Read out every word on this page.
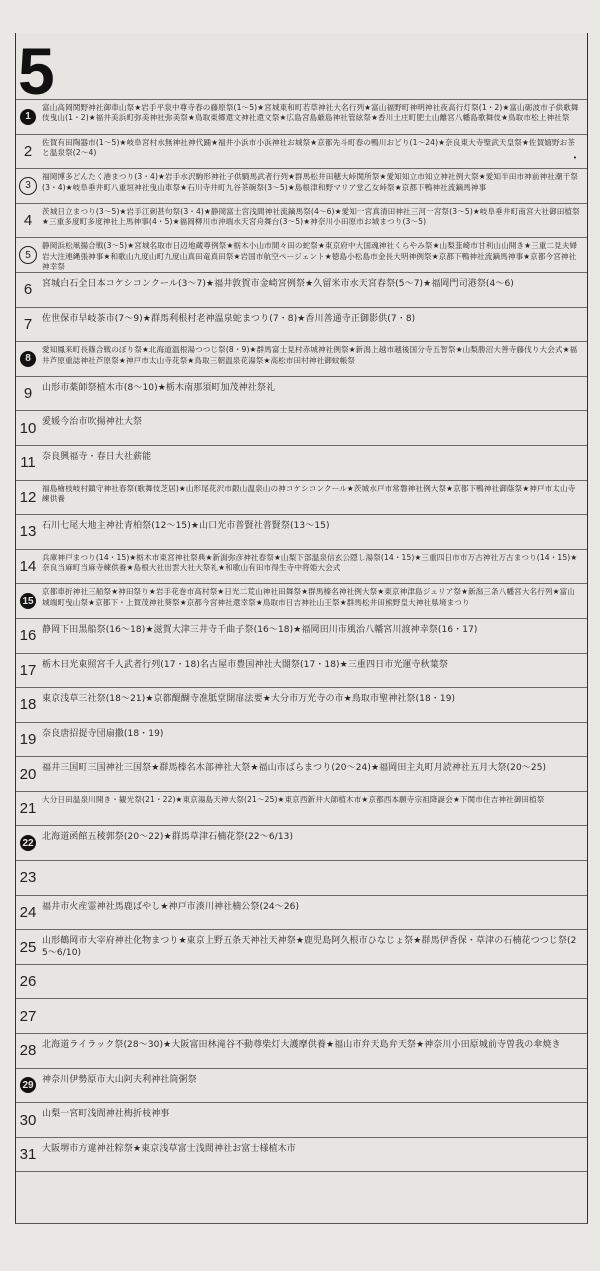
5
1
富山高岡関野神社御車山祭★岩手平泉中尊寺春の藤原祭(1〜5)★宮城東和町若草神社大名行列★富山福野町神明神社夜高行灯祭(1・2)★富山砺波市子供歌舞伎曳山(1・2)★福井美浜町弥美神社弥美祭★鳥取東郷還文神社還文祭★広島宮島厳島神社管絃祭★香川土庄町肥土山離宮八幡島歌舞伎★鳥取市松上神社祭
2
佐賀有田陶器市(1〜5)★岐阜宮村水無神社神代踊★福井小浜市小浜神社お城祭★京都先斗町春の鴨川おどり(1〜24)★奈良東大寺聖武天皇祭★佐賀嬉野お茶と温泉祭(2〜4)
•
3
福岡博多どんたく港まつり(3・4)★岩手水沢駒形神社子供騎馬武者行列★群馬松井田穂大峠関所祭★愛知知立市知立神社例大祭★愛知半田市神前神社潮干祭(3・4)★岐阜垂井町八重垣神社曳山車祭★石川寺井町九谷茶碗祭(3〜5)★島根津和野マリア堂乙女峠祭★京都下鴨神社流鏑馬神事
4
茨城日立まつり(3〜5)★岩手江刺甚句祭(3・4)★静岡富士宮浅間神社流鏑馬祭(4〜6)★愛知一宮真清田神社三河一宮祭(3〜5)★岐阜垂井町南宮大社御田植祭★三重多度町多度神社上馬神事(4・5)★福岡柳川市沖端水天宮舟舞台(3〜5)★神奈川小田原市お城まつり(3〜5)
5
静岡浜松凧揚合戦(3〜5)★宮城名取市日辺地蔵尊例祭★栃木小山市間々田の蛇祭★東京府中大国魂神社くらやみ祭★山梨韮崎市甘利山山開き★三重二見夫婦岩大注連縄張神事★和歌山九度山町九度山真田竜真田祭★岩国市航空ページェント★徳島小松島市金長大明神例祭★京都下鴨神社流鏑馬神事★京都今宮神社神幸祭
6 宮城白石全日本コケシコンクール(3〜7)★福井敦賀市金崎宮例祭★久留米市水天宮春祭(5〜7)★福岡門司港祭(4〜6)
7 佐世保市早岐茶市(7〜9)★群馬利根村老神温泉蛇まつり(7・8)★香川善通寺正御影供(7・8)
8
愛知鳳来町長篠合戦のぼり祭★北海道温根湯つつじ祭(8・9)★群馬富士見村赤城神社例祭★新潟上越市越後国分寺五智祭★山梨勝沼大善寺藤伐り大会式★福井芦原重誌神社芦原祭★神戸市太山寺花祭★鳥取三朝温泉花湯祭★高松市田村神社御蚊帳祭
9 山形市薬師祭植木市(8〜10)★栃木南那須町加茂神社祭礼
10 愛媛今治市吹揚神社大祭
11 奈良興福寺・春日大社薪能
12
福島檜枝岐村鎮守神社春祭(歌舞伎芝居)★山形尾花沢市銀山温泉山の神コケシコンクール★茨城水戸市常磐神社例大祭★京都下鴨神社御蔭祭★神戸市太山寺練供養
13 石川七尾大地主神社青柏祭(12〜15)★山口光市普賢社普賢祭(13〜15)
14
兵庫神戸まつり(14・15)★栃木市東宮神社祭典★新潟弥彦神社春祭★山梨下部温泉信玄公隠し湯祭(14・15)★三重四日市市万古神社万古まつり(14・15)★奈良当麻町当麻寺練供養★島根大社出雲大社大祭礼★和歌山有田市得生寺中将姫大会式
15
京都車折神社三船祭★神田祭り★岩手花巻市高村祭★日光二荒山神社田舞祭★群馬榛名神社例大祭★東京神津島ジュリア祭★新潟三条八幡宮大名行列★富山城端町曳山祭★京都下・上賀茂神社葵祭★京都今宮神社還幸祭★鳥取市日吉神社山王祭★群馬松井田熊野皇大神社県境まつり
16 静岡下田黒船祭(16〜18)★滋賀大津三井寺千曲子祭(16〜18)★福岡田川市風治八幡宮川渡神幸祭(16・17)
17 栃木日光東照宮千人武者行列(17・18)名古屋市豊国神社大閤祭(17・18)★三重四日市光運寺秋葉祭
18 東京浅草三社祭(18〜21)★京都醍醐寺准胝堂開扉法要★大分市万光寺の市★鳥取市聖神社祭(18・19)
19 奈良唐招提寺団扇撒(18・19)
20 福井三国町三国神社三国祭★群馬榛名木部神社大祭★福山市ばらまつり(20〜24)★福岡田主丸町月読神社五月大祭(20〜25)
21
大分日田温泉川開き・観光祭(21・22)★東京湯島天神大祭(21〜25)★東京西新井大師植木市★京都西本願寺宗祖降誕会★下関市住吉神社御田植祭
22
北海道函館五稜郭祭(20〜22)★群馬草津石楠花祭(22〜6/13)
23
24 福井市火産霊神社馬鹿ばやし★神戸市湊川神社楠公祭(24〜26)
25 山形鶴岡市大宰府神社化物まつり★東京上野五条天神社天神祭★鹿児島阿久根市ひなじょ祭★群馬伊香保・草津の石楠花つつじ祭(25〜6/10)
26
27
28 北海道ライラック祭(28〜30)★大阪富田林滝谷不動尊柴灯大護摩供養★福山市弁天島弁天祭★神奈川小田原城前寺曽我の傘焼き
29
神奈川伊勢原市大山阿夫利神社筒粥祭
30 山梨一宮町浅間神社梅折枝神事
31 大阪堺市方違神社粽祭★東京浅草富士浅間神社お富士様植木市
